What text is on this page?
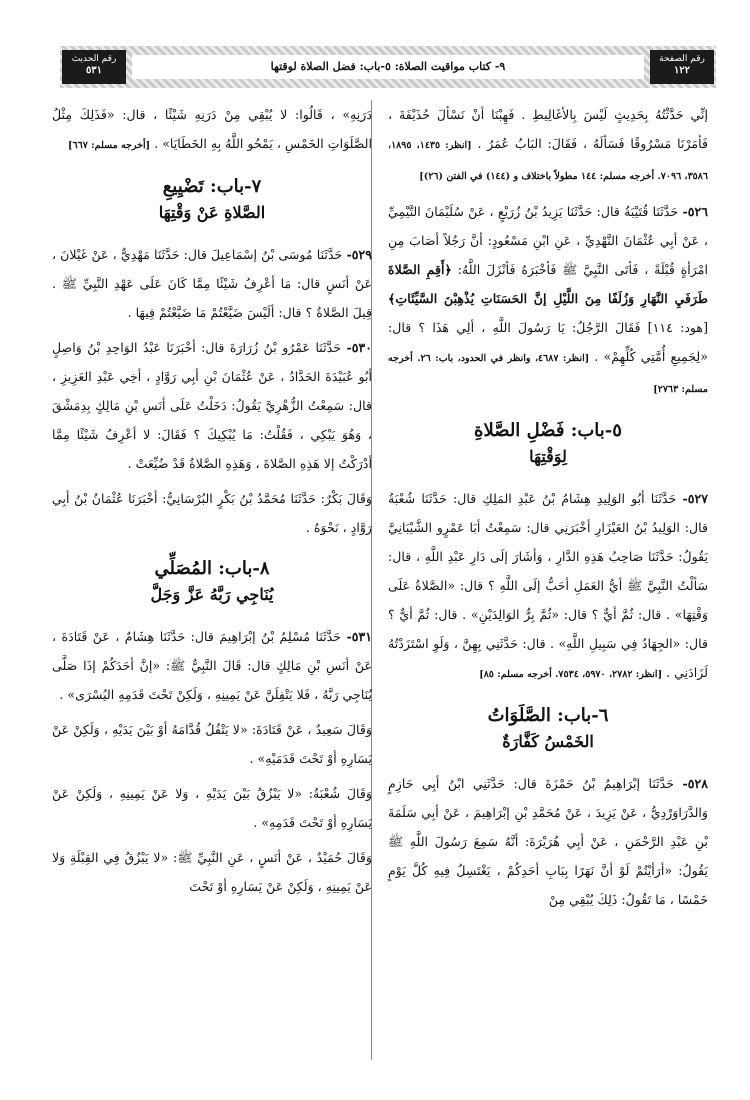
رقم الصفحة
١٢٢
٩- كتاب مواقيت الصلاة: ٥-باب: فضل الصلاة لوقتها
رقم الحديث
٥٣١

إنِّي حَدَّثْتُهُ بِحَدِيثٍ لَيْسَ بِالأغَالِيطِ . فَهِبْنَا أنْ نَسْألَ حُذَيْفَةَ ، فَأمَرْنَا مَسْرُوقًا فَسَألَهُ ، فَقَالَ: البَابُ عُمَرُ . [انظر: ١٤٣٥، ١٨٩٥، ٣٥٨٦، ٧٠٩٦. أخرجه مسلم: ١٤٤ مطولاً باختلاف و (١٤٤) في الفتن (٢٦)]

٥٢٦- حَدَّثَنَا قُتَيْبَةُ قال: حَدَّثَنَا يَزِيدُ بْنُ زُرَيْعٍ ، عَنْ سُلَيْمَانَ التَّيْمِيِّ ، عَنْ أبِي عُثْمَانَ النَّهْدِيِّ ، عَنِ ابْنِ مَسْعُودٍ: أنَّ رَجُلاً أصَابَ مِنِ امْرَأةٍ قُبْلَةً ، فَأتَى النَّبِيَّ ﷺ فَأخْبَرَهُ فَأنْزَلَ اللَّهُ: ﴿أَقِمِ الصَّلاةَ طَرَفَيِ النَّهَارِ وَزُلَفًا مِنَ اللَّيْلِ إنَّ الحَسَنَاتِ يُذْهِبْنَ السَّيِّئَاتِ﴾ [هود: ١١٤] فَقَالَ الرَّجُلُ: يَا رَسُولَ اللَّهِ ، ألِي هَذَا ؟ قال: «لِجَمِيعِ أُمَّتِي كُلِّهِمْ» . [انظر: ٤٦٨٧، وانظر في الحدود، باب: ٢٦. أخرجه مسلم: ٢٧٦٣]

٥-باب: فَضْلِ الصَّلاةِ
لِوَقْتِهَا

٥٢٧- حَدَّثَنَا أبُو الوَلِيدِ هِشَامُ بْنُ عَبْدِ المَلِكِ قال: حَدَّثَنَا شُعْبَةُ قال: الوَلِيدُ بْنُ العَيْزَارِ أخْبَرَنِي قال: سَمِعْتُ أبَا عَمْرٍو الشَّيْبَانِيَّ يَقُولُ: حَدَّثَنَا صَاحِبُ هَذِهِ الدَّارِ ، وَأشَارَ إلَى دَارِ عَبْدِ اللَّهِ ، قال: سَألْتُ النَّبِيَّ ﷺ أيُّ العَمَلِ أحَبُّ إلَى اللَّهِ ؟ قال: «الصَّلاةُ عَلَى وَقْتِهَا» . قال: ثُمَّ أيٌّ ؟ قال: «ثُمَّ بِرُّ الوَالِدَيْنِ» . قال: ثُمَّ أيٌّ ؟ قال: «الجِهَادُ فِي سَبِيلِ اللَّهِ» . قال: حَدَّثَنِي بِهِنَّ ، وَلَوِ اسْتَزَدْتُهُ لَزَادَنِي . [انظر: ٢٧٨٢، ٥٩٧٠، ٧٥٣٤. أخرجه مسلم: ٨٥]

٦-باب: الصَّلَوَاتُ
الخَمْسُ كَفَّارَةٌ

٥٢٨- حَدَّثَنَا إبْرَاهِيمُ بْنُ حَمْزَةَ قال: حَدَّثَنِي ابْنُ أبِي حَازِمٍ وَالدَّرَاوَرْدِيُّ ، عَنْ يَزِيدَ ، عَنْ مُحَمَّدِ بْنِ إبْرَاهِيمَ ، عَنْ أبِي سَلَمَةَ بْنِ عَبْدِ الرَّحْمَنِ ، عَنْ أبِي هُرَيْرَةَ: أنَّهُ سَمِعَ رَسُولَ اللَّهِ ﷺ يَقُولُ: «أرَأيْتُمْ لَوْ أنَّ نَهَرًا بِبَابِ أحَدِكُمْ ، يَغْتَسِلُ فِيهِ كُلَّ يَوْمٍ خَمْسًا ، مَا تَقُولُ: ذَلِكَ يُبْقِي مِنْ

دَرَنِهِ» ، قَالُوا: لا يُبْقِي مِنْ دَرَنِهِ شَيْئًا ، قال: «فَذَلِكَ مِثْلُ الصَّلَوَاتِ الخَمْسِ ، يَمْحُو اللَّهُ بِهِ الخَطَايَا» . [أخرجه مسلم: ٦٦٧]

٧-باب: تَضْيِيعِ
الصَّلاةِ عَنْ وَقْتِهَا

٥٢٩- حَدَّثَنَا مُوسَى بْنُ إسْمَاعِيلَ قال: حَدَّثَنَا مَهْدِيٌّ ، عَنْ غَيْلانَ ، عَنْ أنَسٍ قال: مَا أعْرِفُ شَيْئًا مِمَّا كَانَ عَلَى عَهْدِ النَّبِيِّ ﷺ . قِيلَ الصَّلاةُ ؟ قال: ألَيْسَ ضَيَّعْتُمْ مَا ضَيَّعْتُمْ فِيهَا .

٥٣٠- حَدَّثَنَا عَمْرُو بْنُ زُرَارَةَ قال: أخْبَرَنَا عَبْدُ الوَاحِدِ بْنُ وَاصِلٍ أبُو عُبَيْدَةَ الحَدَّادُ ، عَنْ عُثْمَانَ بْنِ أبِي رَوَّادٍ ، أخِي عَبْدِ العَزِيزِ ، قال: سَمِعْتُ الزُّهْرِيَّ يَقُولُ: دَخَلْتُ عَلَى أنَسِ بْنِ مَالِكٍ بِدِمَشْقَ ، وَهُوَ يَبْكِي ، فَقُلْتُ: مَا يُبْكِيكَ ؟ فَقَالَ: لا أعْرِفُ شَيْئًا مِمَّا أدْرَكْتُ إلا هَذِهِ الصَّلاةَ ، وَهَذِهِ الصَّلاةُ قَدْ ضُيِّعَتْ .

وَقَالَ بَكْرٌ: حَدَّثَنَا مُحَمَّدُ بْنُ بَكْرٍ البُرْسَانِيُّ: أخْبَرَنَا عُثْمَانُ بْنُ أبِي رَوَّادٍ ، نَحْوَهُ .

٨-باب: المُصَلِّي
يُنَاجِي رَبَّهُ عَزَّ وَجَلَّ

٥٣١- حَدَّثَنَا مُسْلِمُ بْنُ إبْرَاهِيمَ قال: حَدَّثَنَا هِشَامٌ ، عَنْ قَتَادَةَ ، عَنْ أنَسِ بْنِ مَالِكٍ قال: قَالَ النَّبِيُّ ﷺ: «إنَّ أحَدَكُمْ إذَا صَلَّى يُنَاجِي رَبَّهُ ، فَلا يَتْفِلَنَّ عَنْ يَمِينِهِ ، وَلَكِنْ تَحْتَ قَدَمِهِ اليُسْرَى» .

وَقَالَ سَعِيدٌ ، عَنْ قَتَادَةَ: «لا يَتْفُلُ قُدَّامَهُ أوْ بَيْنَ يَدَيْهِ ، وَلَكِنْ عَنْ يَسَارِهِ أوْ تَحْتَ قَدَمَيْهِ» .

وَقَالَ شُعْبَةُ: «لا يَبْزُقُ بَيْنَ يَدَيْهِ ، وَلا عَنْ يَمِينِهِ ، وَلَكِنْ عَنْ يَسَارِهِ أوْ تَحْتَ قَدَمِهِ» .

وَقَالَ حُمَيْدٌ ، عَنْ أنَسٍ ، عَنِ النَّبِيِّ ﷺ: «لا يَبْزُقُ فِي القِبْلَةِ وَلا عَنْ يَمِينِهِ ، وَلَكِنْ عَنْ يَسَارِهِ أوْ تَحْتَ
